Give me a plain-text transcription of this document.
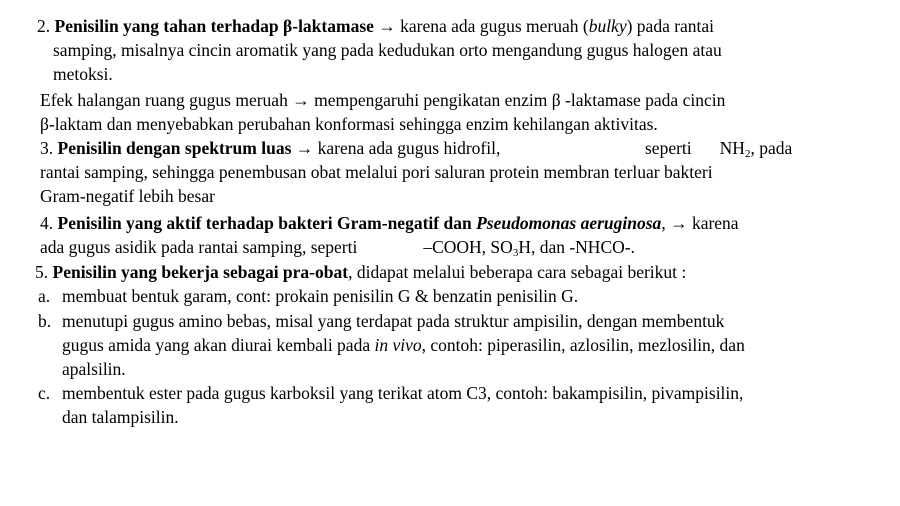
2. Penisilin yang tahan terhadap β-laktamase → karena ada gugus meruah (bulky) pada rantai
samping, misalnya cincin aromatik yang pada kedudukan orto mengandung gugus halogen atau
metoksi.
Efek halangan ruang gugus meruah → mempengaruhi pengikatan enzim β -laktamase pada cincin
β-laktam dan menyebabkan perubahan konformasi sehingga enzim kehilangan aktivitas.
3. Penisilin dengan spektrum luas → karena ada gugus hidrofil,	seperti $NH_2$, pada
rantai samping, sehingga penembusan obat melalui pori saluran protein membran terluar bakteri
Gram-negatif lebih besar
4. Penisilin yang aktif terhadap bakteri Gram-negatif dan Pseudomonas aeruginosa, → karena
ada gugus asidik pada rantai samping, seperti	–COOH, $SO_3H$, dan -NHCO-.
5. Penisilin yang bekerja sebagai pra-obat, didapat melalui beberapa cara sebagai berikut :
a. membuat bentuk garam, cont: prokain penisilin G & benzatin penisilin G.
b. menutupi gugus amino bebas, misal yang terdapat pada struktur ampisilin, dengan membentuk
gugus amida yang akan diurai kembali pada in vivo, contoh: piperasilin, azlosilin, mezlosilin, dan
apalsilin.
c. membentuk ester pada gugus karboksil yang terikat atom C3, contoh: bakampisilin, pivampisilin,
dan talampisilin.
